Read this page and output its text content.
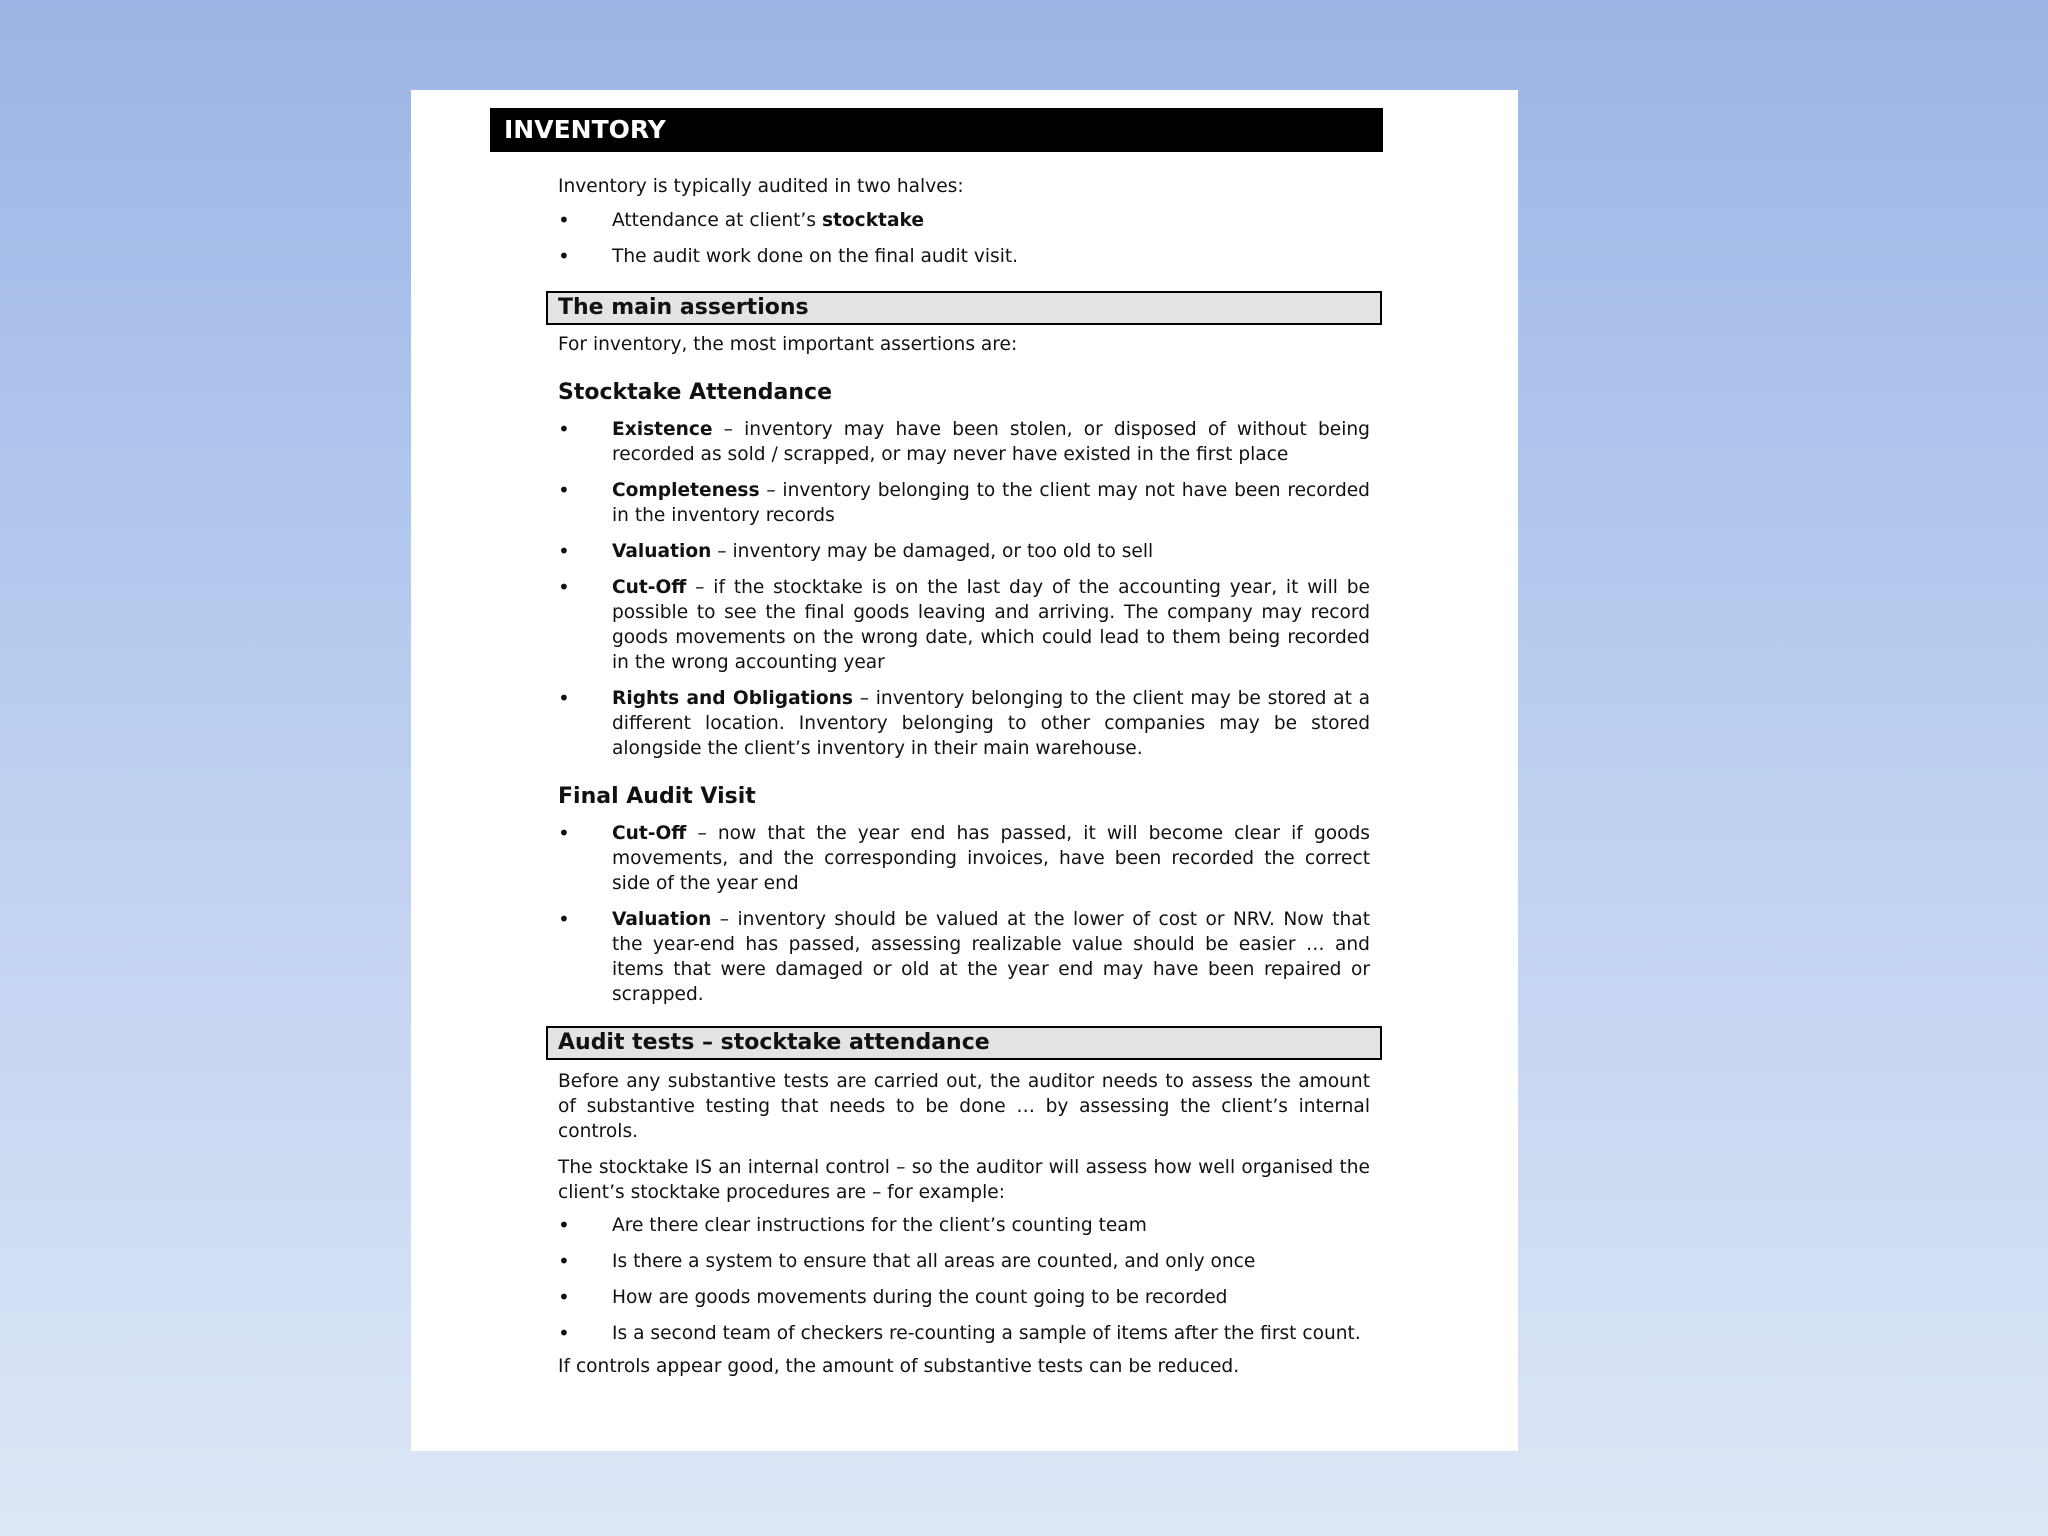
INVENTORY

Inventory is typically audited in two halves:

• Attendance at client’s stocktake
• The audit work done on the final audit visit.
The main assertions

For inventory, the most important assertions are:

Stocktake Attendance
• Existence – inventory may have been stolen, or disposed of without being recorded as sold / scrapped, or may never have existed in the first place
• Completeness – inventory belonging to the client may not have been recorded in the inventory records
• Valuation – inventory may be damaged, or too old to sell
• Cut-Off – if the stocktake is on the last day of the accounting year, it will be possible to see the final goods leaving and arriving. The company may record goods movements on the wrong date, which could lead to them being recorded in the wrong accounting year
• Rights and Obligations – inventory belonging to the client may be stored at a different location. Inventory belonging to other companies may be stored alongside the client’s inventory in their main warehouse.
Final Audit Visit
• Cut-Off – now that the year end has passed, it will become clear if goods movements, and the corresponding invoices, have been recorded the correct side of the year end
• Valuation – inventory should be valued at the lower of cost or NRV. Now that the year-end has passed, assessing realizable value should be easier … and items that were damaged or old at the year end may have been repaired or scrapped.
Audit tests – stocktake attendance

Before any substantive tests are carried out, the auditor needs to assess the amount of substantive testing that needs to be done … by assessing the client’s internal controls.

The stocktake IS an internal control – so the auditor will assess how well organised the client’s stocktake procedures are – for example:

• Are there clear instructions for the client’s counting team
• Is there a system to ensure that all areas are counted, and only once
• How are goods movements during the count going to be recorded
• Is a second team of checkers re-counting a sample of items after the first count.

If controls appear good, the amount of substantive tests can be reduced.
